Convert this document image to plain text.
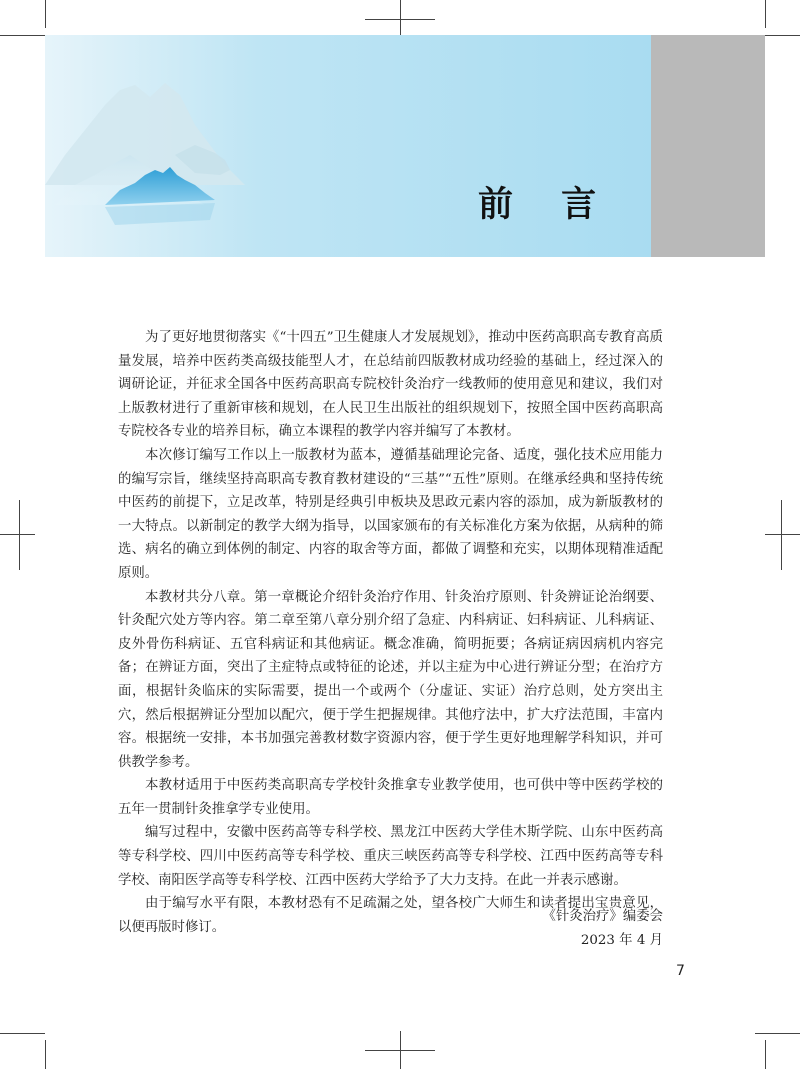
前 言

为了更好地贯彻落实《“十四五”卫生健康人才发展规划》，推动中医药高职高专教育高质量发展，培养中医药类高级技能型人才，在总结前四版教材成功经验的基础上，经过深入的调研论证，并征求全国各中医药高职高专院校针灸治疗一线教师的使用意见和建议，我们对上版教材进行了重新审核和规划，在人民卫生出版社的组织规划下，按照全国中医药高职高专院校各专业的培养目标，确立本课程的教学内容并编写了本教材。

本次修订编写工作以上一版教材为蓝本，遵循基础理论完备、适度，强化技术应用能力的编写宗旨，继续坚持高职高专教育教材建设的“三基”“五性”原则。在继承经典和坚持传统中医药的前提下，立足改革，特别是经典引申板块及思政元素内容的添加，成为新版教材的一大特点。以新制定的教学大纲为指导，以国家颁布的有关标准化方案为依据，从病种的筛选、病名的确立到体例的制定、内容的取舍等方面，都做了调整和充实，以期体现精准适配原则。

本教材共分八章。第一章概论介绍针灸治疗作用、针灸治疗原则、针灸辨证论治纲要、针灸配穴处方等内容。第二章至第八章分别介绍了急症、内科病证、妇科病证、儿科病证、皮外骨伤科病证、五官科病证和其他病证。概念准确，简明扼要；各病证病因病机内容完备；在辨证方面，突出了主症特点或特征的论述，并以主症为中心进行辨证分型；在治疗方面，根据针灸临床的实际需要，提出一个或两个（分虚证、实证）治疗总则，处方突出主穴，然后根据辨证分型加以配穴，便于学生把握规律。其他疗法中，扩大疗法范围，丰富内容。根据统一安排，本书加强完善教材数字资源内容，便于学生更好地理解学科知识，并可供教学参考。

本教材适用于中医药类高职高专学校针灸推拿专业教学使用，也可供中等中医药学校的五年一贯制针灸推拿学专业使用。

编写过程中，安徽中医药高等专科学校、黑龙江中医药大学佳木斯学院、山东中医药高等专科学校、四川中医药高等专科学校、重庆三峡医药高等专科学校、江西中医药高等专科学校、南阳医学高等专科学校、江西中医药大学给予了大力支持。在此一并表示感谢。

由于编写水平有限，本教材恐有不足疏漏之处，望各校广大师生和读者提出宝贵意见，以便再版时修订。

《针灸治疗》编委会
2023 年 4 月
7
